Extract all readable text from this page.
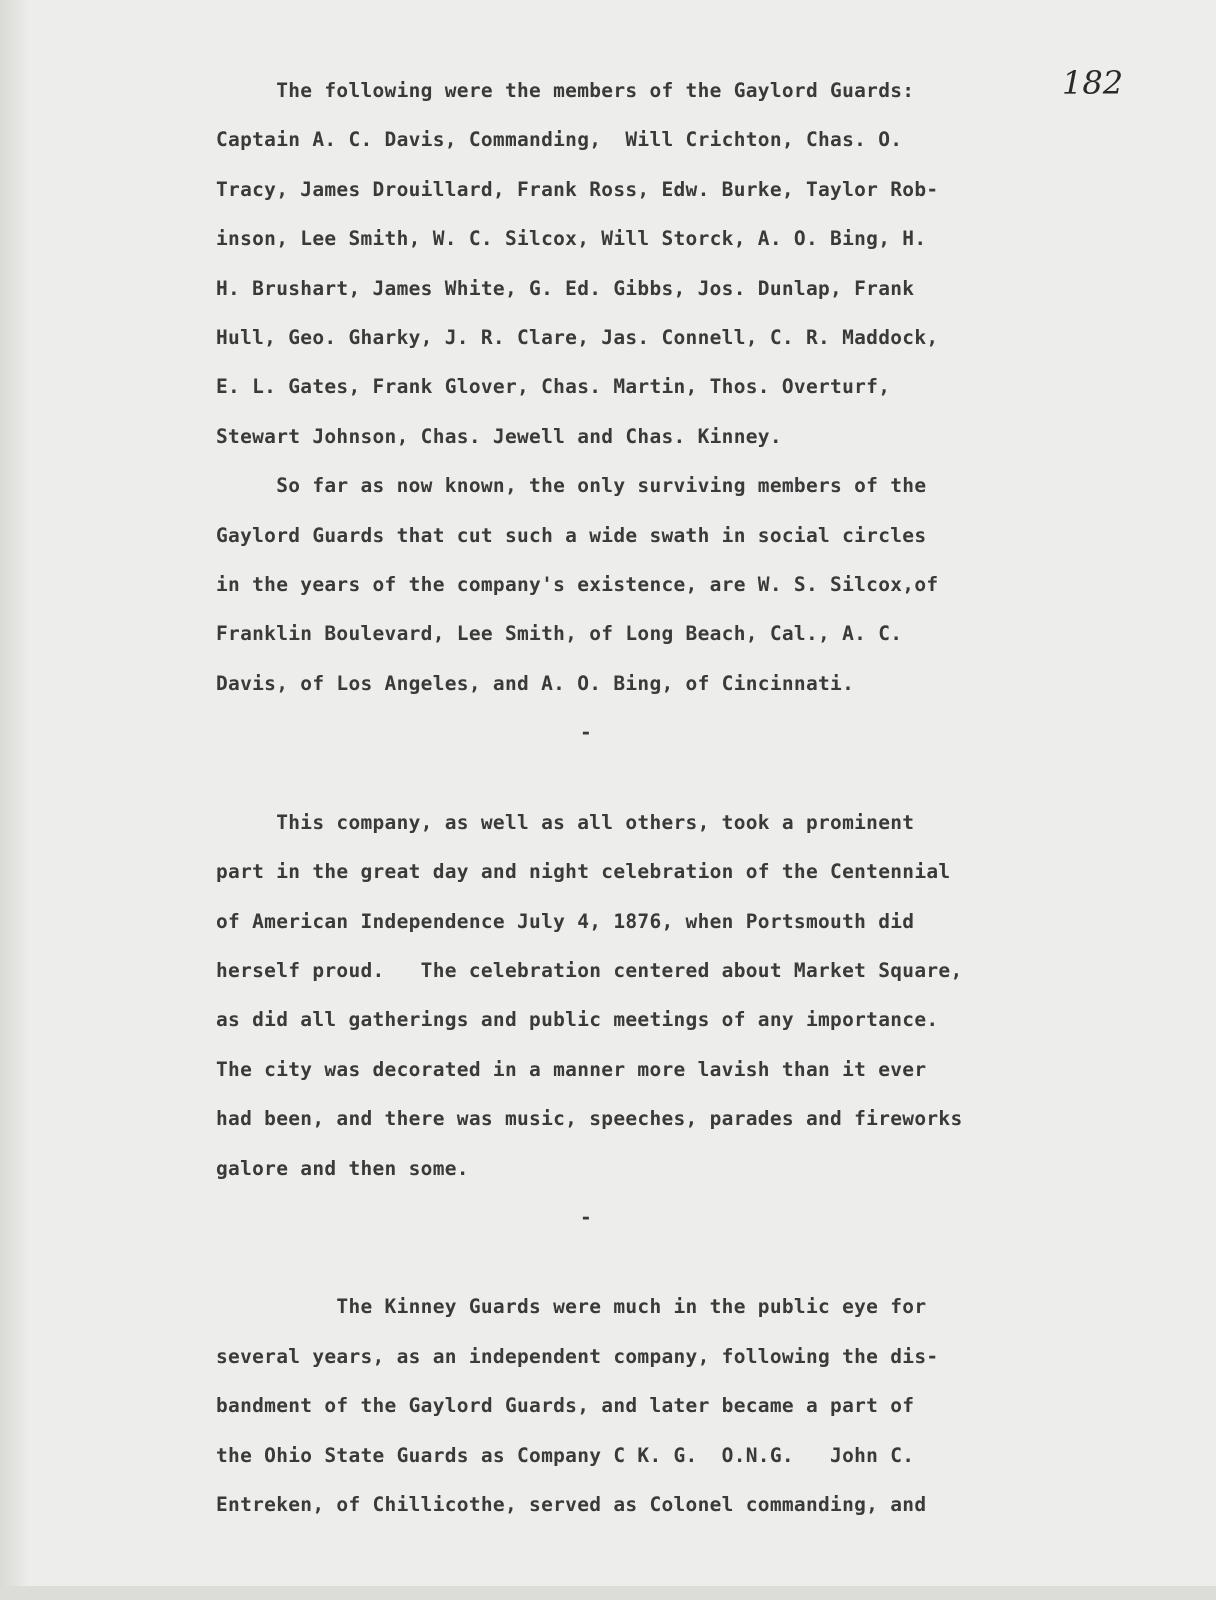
182
The following were the members of the Gaylord Guards:
Captain A. C. Davis, Commanding,  Will Crichton, Chas. O.
Tracy, James Drouillard, Frank Ross, Edw. Burke, Taylor Rob-
inson, Lee Smith, W. C. Silcox, Will Storck, A. O. Bing, H.
H. Brushart, James White, G. Ed. Gibbs, Jos. Dunlap, Frank
Hull, Geo. Gharky, J. R. Clare, Jas. Connell, C. R. Maddock,
E. L. Gates, Frank Glover, Chas. Martin, Thos. Overturf,
Stewart Johnson, Chas. Jewell and Chas. Kinney.
So far as now known, the only surviving members of the
Gaylord Guards that cut such a wide swath in social circles
in the years of the company's existence, are W. S. Silcox,of
Franklin Boulevard, Lee Smith, of Long Beach, Cal., A. C.
Davis, of Los Angeles, and A. O. Bing, of Cincinnati.
-
This company, as well as all others, took a prominent
part in the great day and night celebration of the Centennial
of American Independence July 4, 1876, when Portsmouth did
herself proud.   The celebration centered about Market Square,
as did all gatherings and public meetings of any importance.
The city was decorated in a manner more lavish than it ever
had been, and there was music, speeches, parades and fireworks
galore and then some.
-
The Kinney Guards were much in the public eye for
several years, as an independent company, following the dis-
bandment of the Gaylord Guards, and later became a part of
the Ohio State Guards as Company C K. G.  O.N.G.   John C.
Entreken, of Chillicothe, served as Colonel commanding, and
